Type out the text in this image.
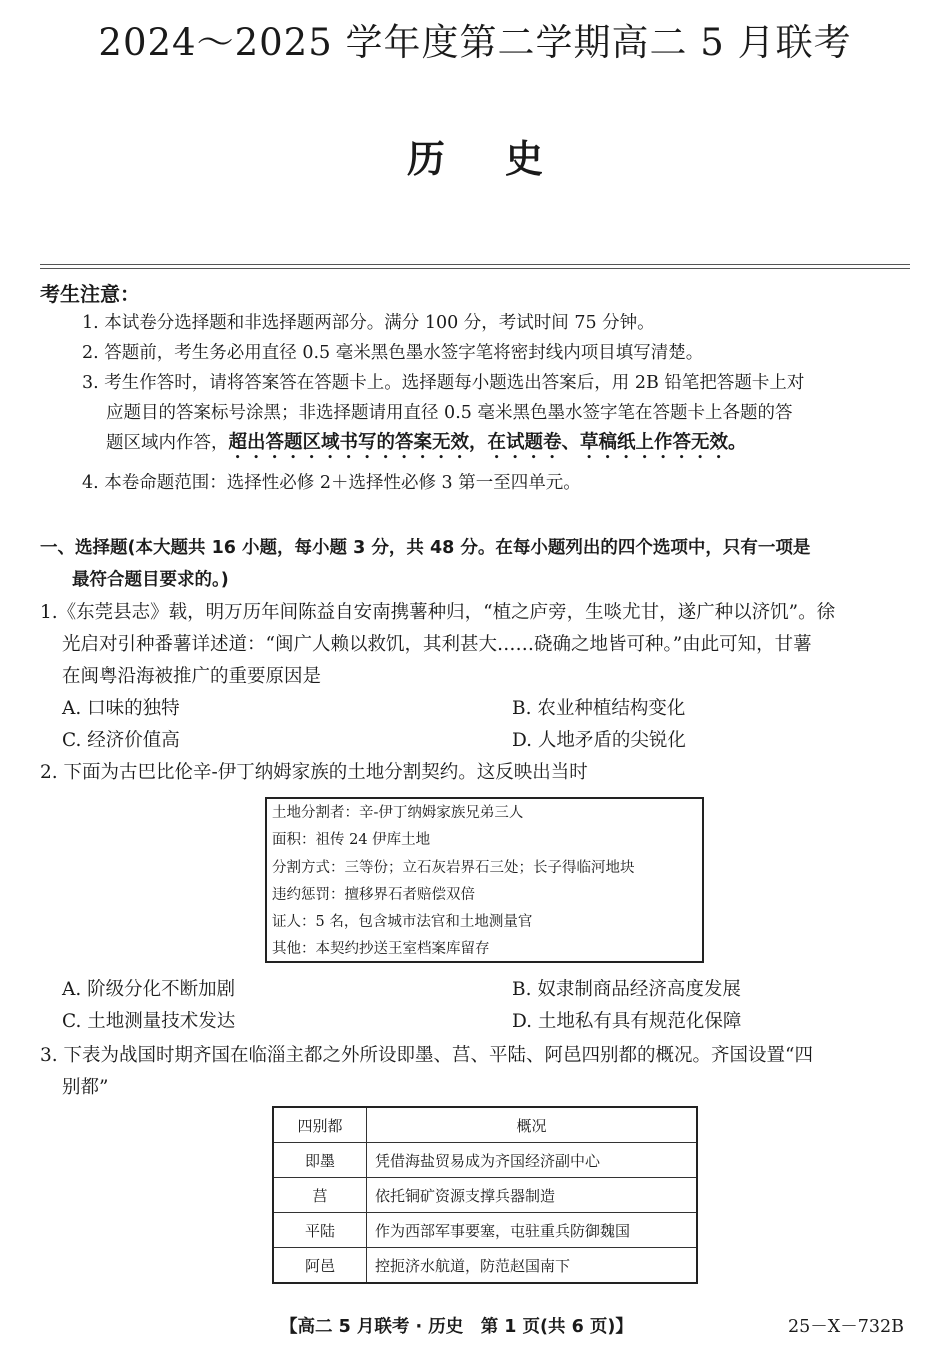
2024～2025 学年度第二学期高二 5 月联考
历史
考生注意：
1. 本试卷分选择题和非选择题两部分。满分 100 分，考试时间 75 分钟。
2. 答题前，考生务必用直径 0.5 毫米黑色墨水签字笔将密封线内项目填写清楚。
3. 考生作答时，请将答案答在答题卡上。选择题每小题选出答案后，用 2B 铅笔把答题卡上对
应题目的答案标号涂黑；非选择题请用直径 0.5 毫米黑色墨水签字笔在答题卡上各题的答
题区域内作答，超出答题区域书写的答案无效，在试题卷、草稿纸上作答无效。
4. 本卷命题范围：选择性必修 2＋选择性必修 3 第一至四单元。
一、选择题(本大题共 16 小题，每小题 3 分，共 48 分。在每小题列出的四个选项中，只有一项是
最符合题目要求的。)
1.《东莞县志》载，明万历年间陈益自安南携薯种归，“植之庐旁，生啖尤甘，遂广种以济饥”。徐
光启对引种番薯详述道：“闽广人赖以救饥，其利甚大……硗确之地皆可种。”由此可知，甘薯
在闽粤沿海被推广的重要原因是
A. 口味的独特	B. 农业种植结构变化
C. 经济价值高	D. 人地矛盾的尖锐化
2. 下面为古巴比伦辛-伊丁纳姆家族的土地分割契约。这反映出当时
土地分割者：辛-伊丁纳姆家族兄弟三人
面积：祖传 24 伊库土地
分割方式：三等份；立石灰岩界石三处；长子得临河地块
违约惩罚：擅移界石者赔偿双倍
证人：5 名，包含城市法官和土地测量官
其他：本契约抄送王室档案库留存
A. 阶级分化不断加剧	B. 奴隶制商品经济高度发展
C. 土地测量技术发达	D. 土地私有具有规范化保障
3. 下表为战国时期齐国在临淄主都之外所设即墨、莒、平陆、阿邑四别都的概况。齐国设置“四
别都”
四别都	概况
即墨	凭借海盐贸易成为齐国经济副中心
莒	依托铜矿资源支撑兵器制造
平陆	作为西部军事要塞，屯驻重兵防御魏国
阿邑	控扼济水航道，防范赵国南下
【高二 5 月联考 · 历史　第 1 页(共 6 页)】	25－X－732B
